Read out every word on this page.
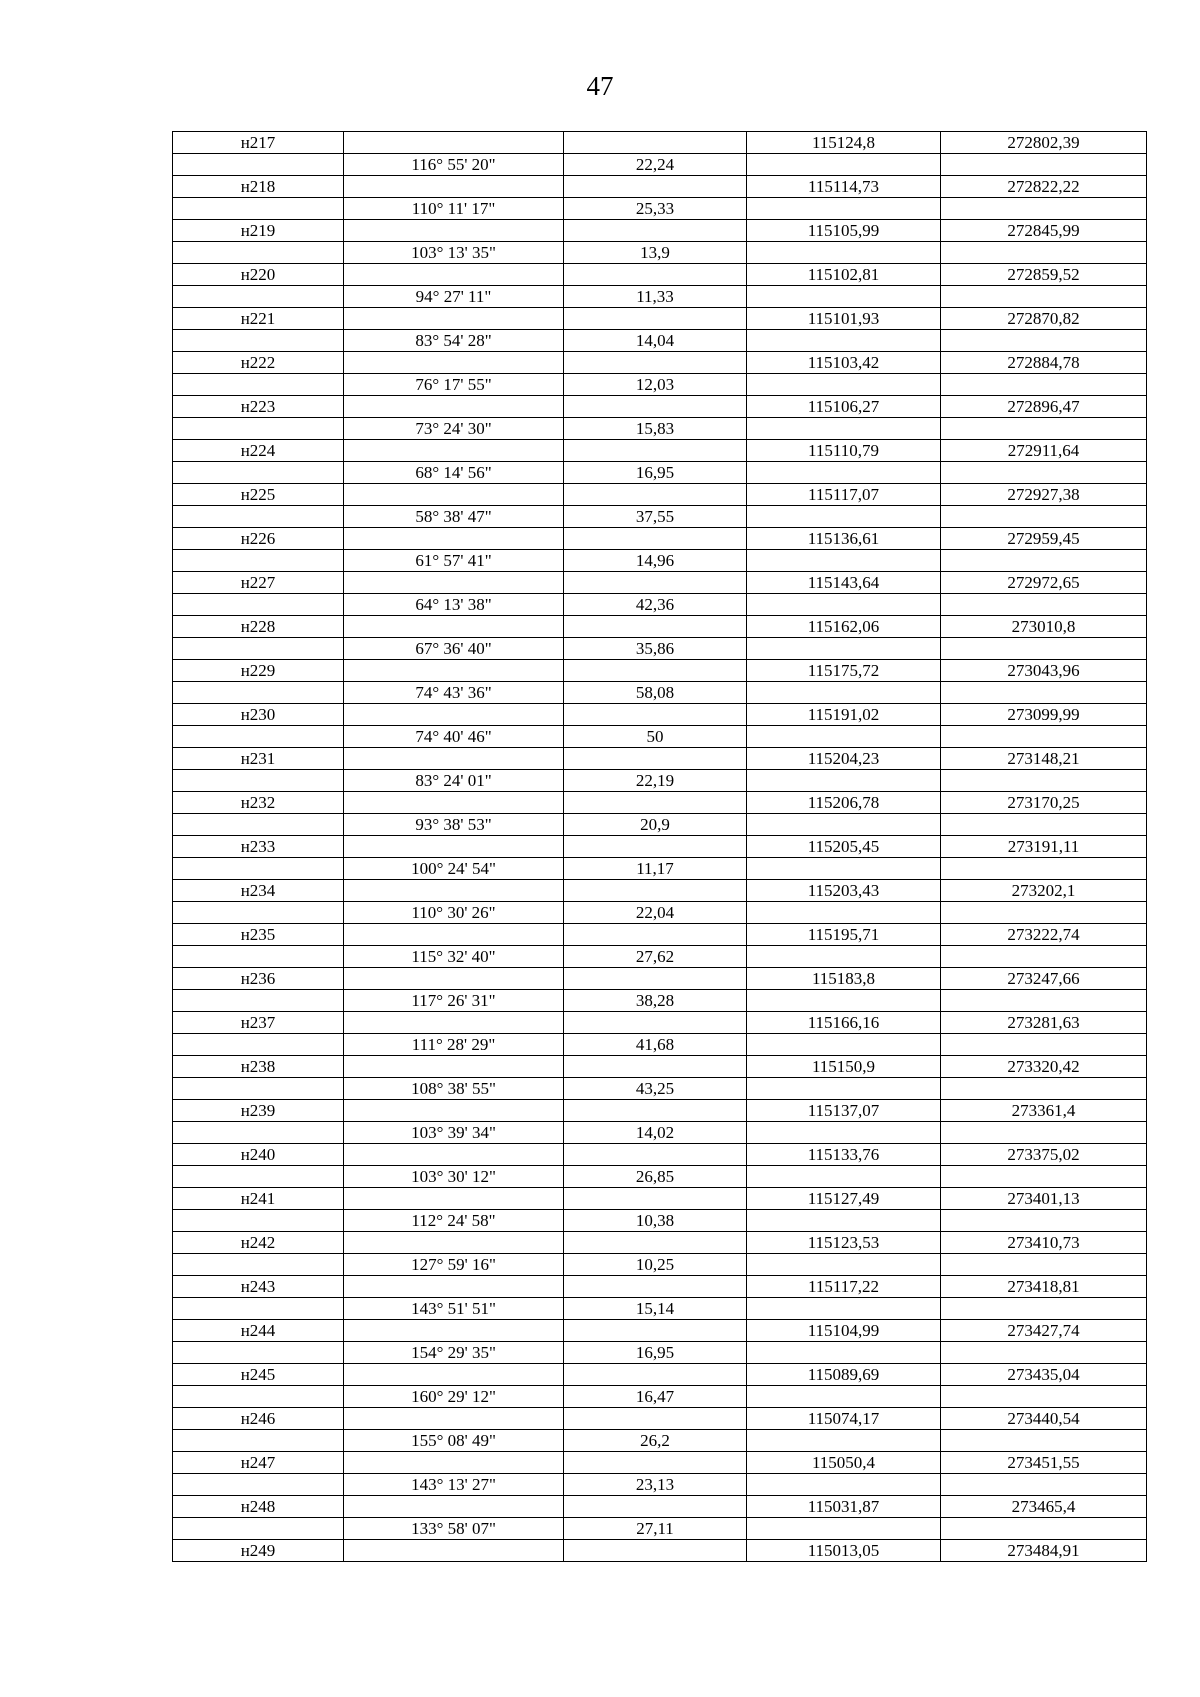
47
н217			115124,8	272802,39
	116° 55' 20"	22,24		
н218			115114,73	272822,22
	110° 11' 17"	25,33		
н219			115105,99	272845,99
	103° 13' 35"	13,9		
н220			115102,81	272859,52
	94° 27' 11"	11,33		
н221			115101,93	272870,82
	83° 54' 28"	14,04		
н222			115103,42	272884,78
	76° 17' 55"	12,03		
н223			115106,27	272896,47
	73° 24' 30"	15,83		
н224			115110,79	272911,64
	68° 14' 56"	16,95		
н225			115117,07	272927,38
	58° 38' 47"	37,55		
н226			115136,61	272959,45
	61° 57' 41"	14,96		
н227			115143,64	272972,65
	64° 13' 38"	42,36		
н228			115162,06	273010,8
	67° 36' 40"	35,86		
н229			115175,72	273043,96
	74° 43' 36"	58,08		
н230			115191,02	273099,99
	74° 40' 46"	50		
н231			115204,23	273148,21
	83° 24' 01"	22,19		
н232			115206,78	273170,25
	93° 38' 53"	20,9		
н233			115205,45	273191,11
	100° 24' 54"	11,17		
н234			115203,43	273202,1
	110° 30' 26"	22,04		
н235			115195,71	273222,74
	115° 32' 40"	27,62		
н236			115183,8	273247,66
	117° 26' 31"	38,28		
н237			115166,16	273281,63
	111° 28' 29"	41,68		
н238			115150,9	273320,42
	108° 38' 55"	43,25		
н239			115137,07	273361,4
	103° 39' 34"	14,02		
н240			115133,76	273375,02
	103° 30' 12"	26,85		
н241			115127,49	273401,13
	112° 24' 58"	10,38		
н242			115123,53	273410,73
	127° 59' 16"	10,25		
н243			115117,22	273418,81
	143° 51' 51"	15,14		
н244			115104,99	273427,74
	154° 29' 35"	16,95		
н245			115089,69	273435,04
	160° 29' 12"	16,47		
н246			115074,17	273440,54
	155° 08' 49"	26,2		
н247			115050,4	273451,55
	143° 13' 27"	23,13		
н248			115031,87	273465,4
	133° 58' 07"	27,11		
н249			115013,05	273484,91
